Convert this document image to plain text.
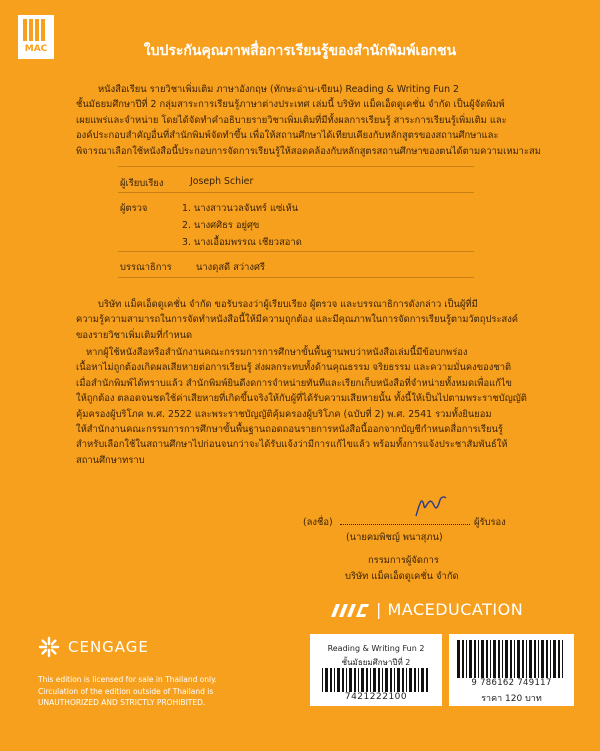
MAC	ใบประกันคุณภาพสื่อการเรียนรู้ของสำนักพิมพ์เอกชน
หนังสือเรียน รายวิชาเพิ่มเติม ภาษาอังกฤษ (ทักษะอ่าน-เขียน) Reading & Writing Fun 2
ชั้นมัธยมศึกษาปีที่ 2 กลุ่มสาระการเรียนรู้ภาษาต่างประเทศ เล่มนี้ บริษัท แม็คเอ็ดดูเคชั่น จำกัด เป็นผู้จัดพิมพ์
เผยแพร่และจำหน่าย โดยได้จัดทำคำอธิบายรายวิชาเพิ่มเติมที่มีทั้งผลการเรียนรู้ สาระการเรียนรู้เพิ่มเติม และ
องค์ประกอบสำคัญอื่นที่สำนักพิมพ์จัดทำขึ้น เพื่อให้สถานศึกษาได้เทียบเคียงกับหลักสูตรของสถานศึกษาและ
พิจารณาเลือกใช้หนังสือนี้ประกอบการจัดการเรียนรู้ให้สอดคล้องกับหลักสูตรสถานศึกษาของตนได้ตามความเหมาะสม
ผู้เรียบเรียง	Joseph Schier
ผู้ตรวจ	1. นางสาวนวลจันทร์ แซ่เห้น
2. นางศศิธร อยู่ศุข
3. นางเอื้อมพรรณ เชียวสอาด
บรรณาธิการ	นางดุสดี สว่างศรี
บริษัท แม็คเอ็ดดูเคชั่น จำกัด ขอรับรองว่าผู้เรียบเรียง ผู้ตรวจ และบรรณาธิการดังกล่าว เป็นผู้ที่มี
ความรู้ความสามารถในการจัดทำหนังสือนี้ให้มีความถูกต้อง และมีคุณภาพในการจัดการเรียนรู้ตามวัตถุประสงค์
ของรายวิชาเพิ่มเติมที่กำหนด
หากผู้ใช้หนังสือหรือสำนักงานคณะกรรมการการศึกษาขั้นพื้นฐานพบว่าหนังสือเล่มนี้มีข้อบกพร่อง
เนื้อหาไม่ถูกต้องเกิดผลเสียหายต่อการเรียนรู้ ส่งผลกระทบทั้งด้านคุณธรรม จริยธรรม และความมั่นคงของชาติ
เมื่อสำนักพิมพ์ได้ทราบแล้ว สำนักพิมพ์ยินดีงดการจำหน่ายทันทีและเรียกเก็บหนังสือที่จำหน่ายทั้งหมดเพื่อแก้ไข
ให้ถูกต้อง ตลอดจนชดใช้ค่าเสียหายที่เกิดขึ้นจริงให้กับผู้ที่ได้รับความเสียหายนั้น ทั้งนี้ให้เป็นไปตามพระราชบัญญัติ
คุ้มครองผู้บริโภค พ.ศ. 2522 และพระราชบัญญัติคุ้มครองผู้บริโภค (ฉบับที่ 2) พ.ศ. 2541 รวมทั้งยินยอม
ให้สำนักงานคณะกรรมการการศึกษาขั้นพื้นฐานถอดถอนรายการหนังสือนี้ออกจากบัญชีกำหนดสื่อการเรียนรู้
สำหรับเลือกใช้ในสถานศึกษาไปก่อนจนกว่าจะได้รับแจ้งว่ามีการแก้ไขแล้ว พร้อมทั้งการแจ้งประชาสัมพันธ์ให้
สถานศึกษาทราบ
(ลงชื่อ)	ผู้รับรอง
(นายคมพิชญ์ พนาสุภน)
กรรมการผู้จัดการ
บริษัท แม็คเอ็ดดูเคชั่น จำกัด
| MACEDUCATION
CENGAGE
This edition is licensed for sale in Thailand only.
Circulation of the edition outside of Thailand is
UNAUTHORIZED AND STRICTLY PROHIBITED.
Reading & Writing Fun 2
ชั้นมัธยมศึกษาปีที่ 2
7421222100
9 786162 749117
ราคา 120 บาท
